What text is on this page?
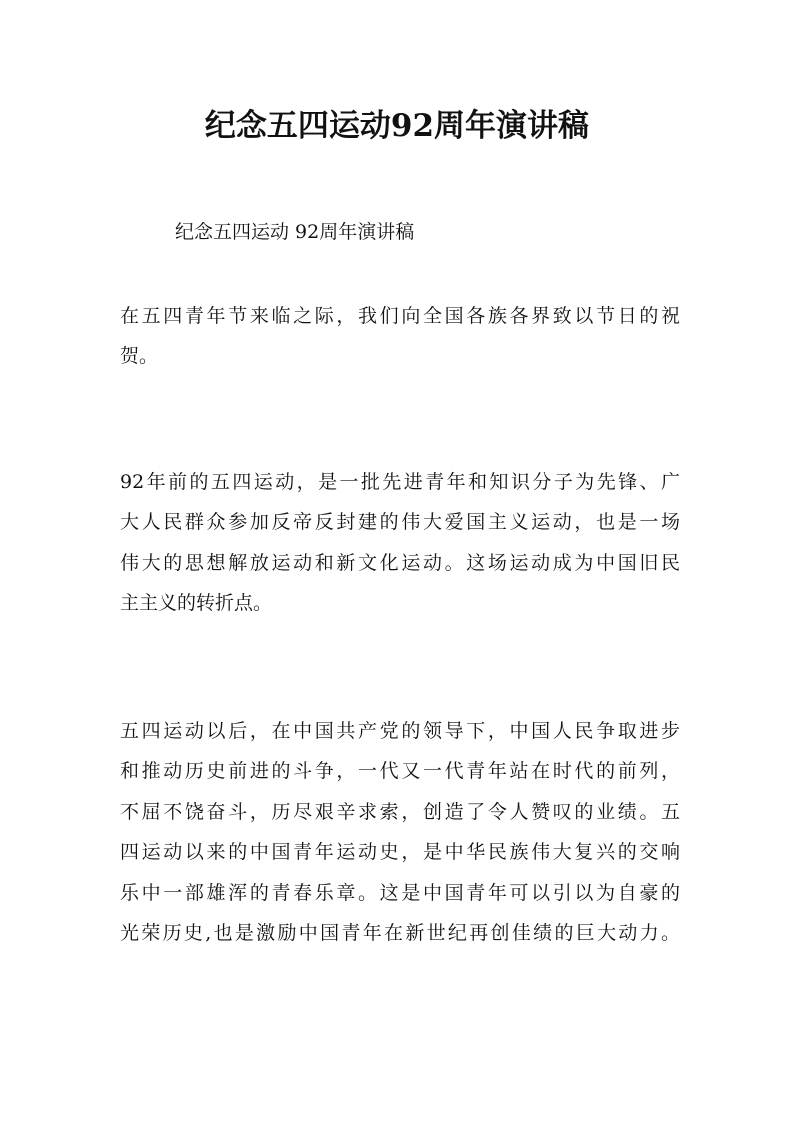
纪念五四运动92周年演讲稿

纪念五四运动 92周年演讲稿

在五四青年节来临之际，我们向全国各族各界致以节日的祝

贺。

92年前的五四运动，是一批先进青年和知识分子为先锋、广

大人民群众参加反帝反封建的伟大爱国主义运动，也是一场

伟大的思想解放运动和新文化运动。这场运动成为中国旧民

主主义的转折点。

五四运动以后，在中国共产党的领导下，中国人民争取进步

和推动历史前进的斗争，一代又一代青年站在时代的前列，

不屈不饶奋斗，历尽艰辛求索，创造了令人赞叹的业绩。五

四运动以来的中国青年运动史，是中华民族伟大复兴的交响

乐中一部雄浑的青春乐章。这是中国青年可以引以为自豪的

光荣历史,也是激励中国青年在新世纪再创佳绩的巨大动力。
